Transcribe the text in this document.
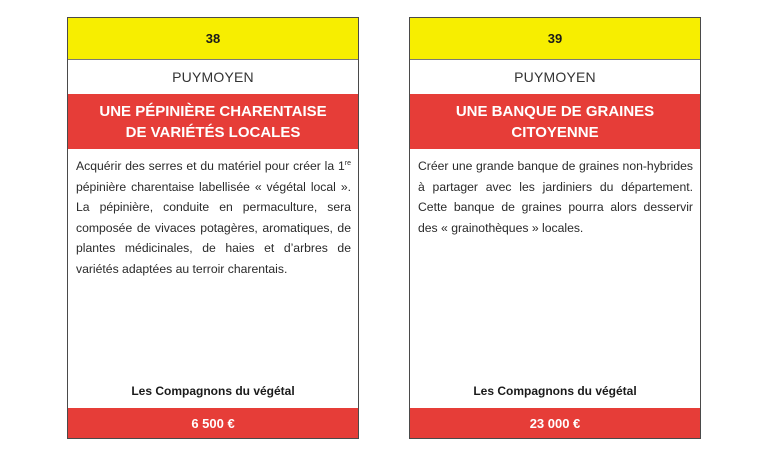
38
PUYMOYEN
UNE PÉPINIÈRE CHARENTAISE
DE VARIÉTÉS LOCALES
Acquérir des serres et du matériel pour créer la 1re pépinière charentaise labellisée « végétal local ». La pépinière, conduite en permaculture, sera composée de vivaces potagères, aromatiques, de plantes médicinales, de haies et d’arbres de variétés adaptées au terroir charentais.
Les Compagnons du végétal
6 500 €
39
PUYMOYEN
UNE BANQUE DE GRAINES
CITOYENNE
Créer une grande banque de graines non-hybrides à partager avec les jardiniers du département. Cette banque de graines pourra alors desservir des « grainothèques » locales.
Les Compagnons du végétal
23 000 €
